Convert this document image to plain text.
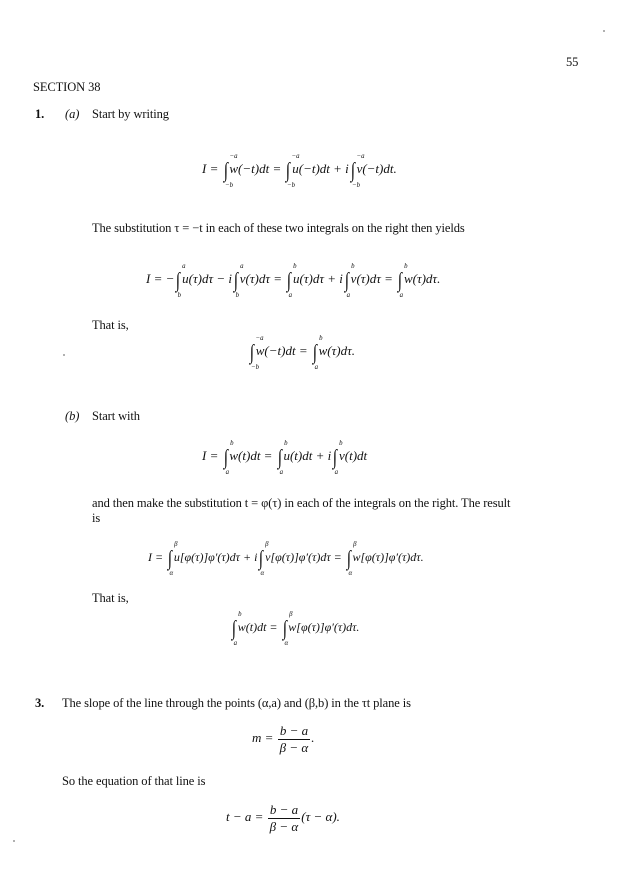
55
SECTION 38
1. (a) Start by writing
I = ∫
−a
−b
w(−t)dt = ∫
−a
−b
u(−t)dt + i∫
−a
−b
v(−t)dt.
The substitution τ = −t in each of these two integrals on the right then yields
I = −∫
a
b
u(τ)dτ − i∫
a
b
v(τ)dτ = ∫
b
a
u(τ)dτ + i∫
b
a
v(τ)dτ = ∫
b
a
w(τ)dτ.
That is,
∫
−a
−b
w(−t)dt = ∫
b
a
w(τ)dτ.
(b) Start with
I = ∫
b
a
w(t)dt = ∫
b
a
u(t)dt + i∫
b
a
v(t)dt
and then make the substitution t = φ(τ) in each of the integrals on the right. The result
is
I = ∫
β
α
u[φ(τ)]φ′(τ)dτ + i∫
β
α
v[φ(τ)]φ′(τ)dτ = ∫
β
α
w[φ(τ)]φ′(τ)dτ.
That is,
∫
b
a
w(t)dt = ∫
β
α
w[φ(τ)]φ′(τ)dτ.
3. The slope of the line through the points (α,a) and (β,b) in the τt plane is
$m = \frac{b - a}{\beta - \alpha}$ .
So the equation of that line is
$t - a = \frac{b - a}{\beta - \alpha} (\tau - \alpha)$.
